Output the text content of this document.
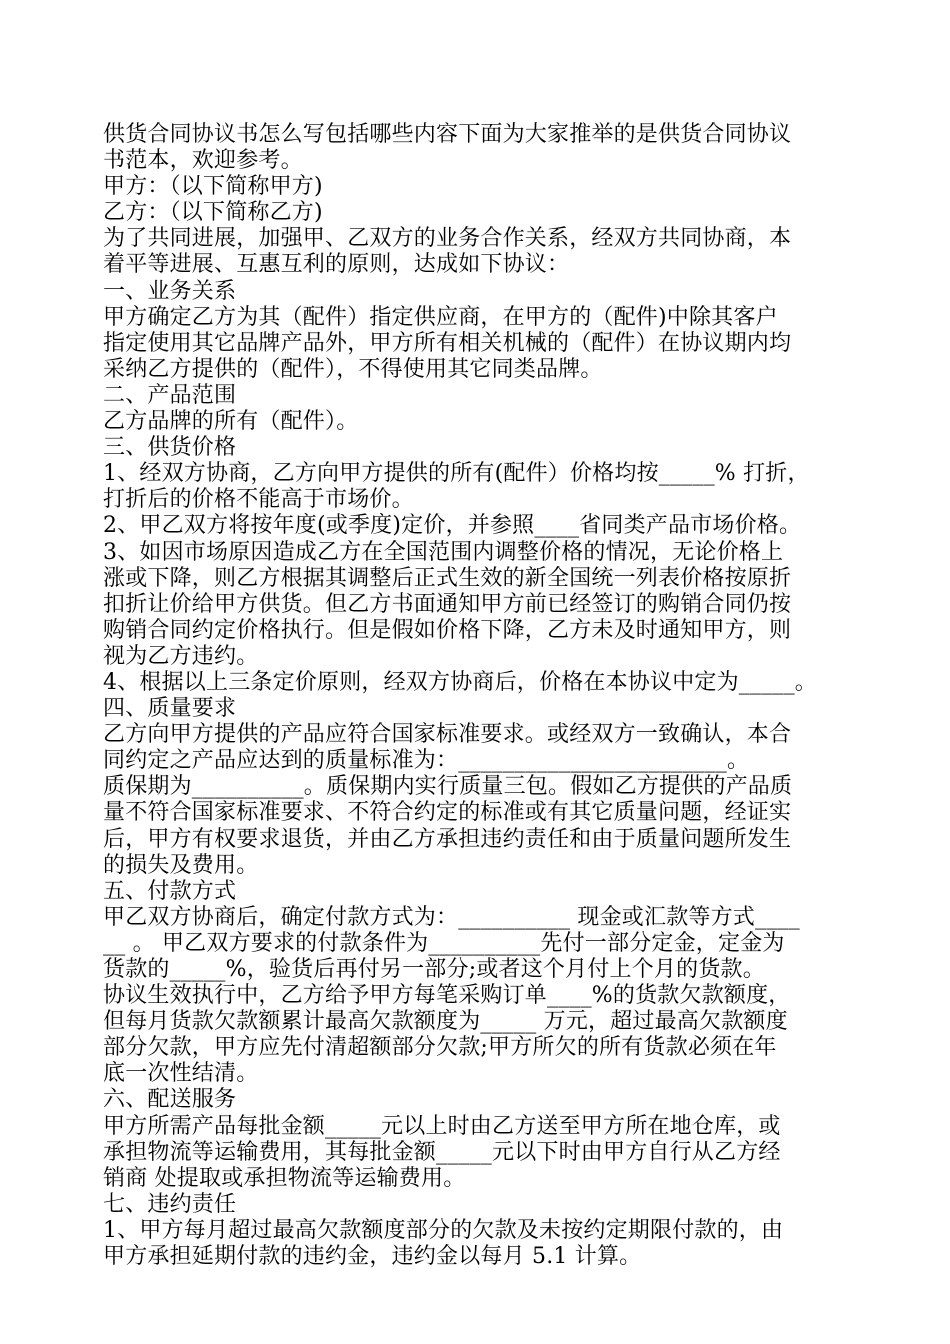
供货合同协议书怎么写包括哪些内容下面为大家推举的是供货合同协议
书范本，欢迎参考。
甲方：（以下简称甲方)
乙方：（以下简称乙方)
为了共同进展，加强甲、乙双方的业务合作关系，经双方共同协商，本
着平等进展、互惠互利的原则，达成如下协议：
一、业务关系
甲方确定乙方为其（配件）指定供应商，在甲方的（配件)中除其客户
指定使用其它品牌产品外，甲方所有相关机械的（配件）在协议期内均
采纳乙方提供的（配件），不得使用其它同类品牌。
二、产品范围
乙方品牌的所有（配件）。
三、供货价格
1、经双方协商，乙方向甲方提供的所有(配件）价格均按_____% 打折，
打折后的价格不能高于市场价。
2、甲乙双方将按年度(或季度)定价，并参照____省同类产品市场价格。
3、如因市场原因造成乙方在全国范围内调整价格的情况，无论价格上
涨或下降，则乙方根据其调整后正式生效的新全国统一列表价格按原折
扣折让价给甲方供货。但乙方书面通知甲方前已经签订的购销合同仍按
购销合同约定价格执行。但是假如价格下降，乙方未及时通知甲方，则
视为乙方违约。
4、根据以上三条定价原则，经双方协商后，价格在本协议中定为_____。
四、质量要求
乙方向甲方提供的产品应符合国家标准要求。或经双方一致确认，本合
同约定之产品应达到的质量标准为：________________________。
质保期为__________。质保期内实行质量三包。假如乙方提供的产品质
量不符合国家标准要求、不符合约定的标准或有其它质量问题，经证实
后，甲方有权要求退货，并由乙方承担违约责任和由于质量问题所发生
的损失及费用。
五、付款方式
甲乙双方协商后，确定付款方式为：__________ 现金或汇款等方式____
__ 。 甲乙双方要求的付款条件为__________先付一部分定金，定金为
货款的_____%，验货后再付另一部分;或者这个月付上个月的货款。
协议生效执行中，乙方给予甲方每笔采购订单____%的货款欠款额度，
但每月货款欠款额累计最高欠款额度为_____ 万元，超过最高欠款额度
部分欠款，甲方应先付清超额部分欠款;甲方所欠的所有货款必须在年
底一次性结清。
六、配送服务
甲方所需产品每批金额_____元以上时由乙方送至甲方所在地仓库，或
承担物流等运输费用，其每批金额_____元以下时由甲方自行从乙方经
销商 处提取或承担物流等运输费用。
七、违约责任
1、甲方每月超过最高欠款额度部分的欠款及未按约定期限付款的，由
甲方承担延期付款的违约金，违约金以每月 5.1 计算。
